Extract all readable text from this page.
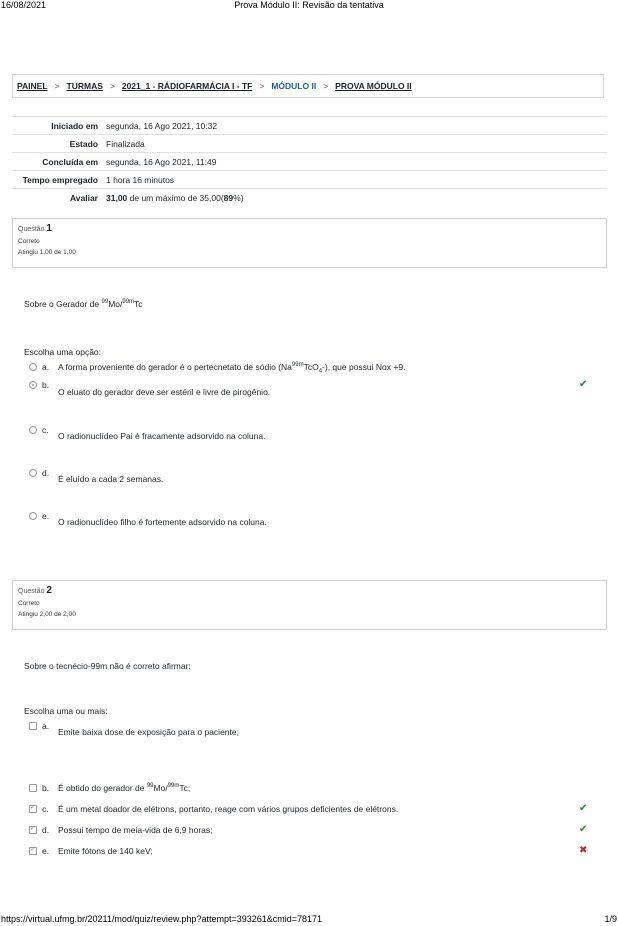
16/08/2021	Prova Módulo II: Revisão da tentativa
PAINEL > TURMAS > 2021_1 - RÁDIOFARMÁCIA I - TF > MÓDULO II > PROVA MÓDULO II
Iniciado em	segunda, 16 Ago 2021, 10:32
Estado	Finalizada
Concluída em	segunda, 16 Ago 2021, 11:49
Tempo empregado	1 hora 16 minutos
Avaliar	31,00 de um máximo de 35,00(89%)
Questão 1
Correto
Atingiu 1,00 de 1,00
Sobre o Gerador de $^{99}$Mo/$^{99m}$Tc
Escolha uma opção:
a. A forma proveniente do gerador é o pertecnetato de sódio $(Na^{99m}TcO_4-)$, que possui Nox +9.
b.
O eluato do gerador deve ser estéril e livre de pirogênio.
✔
c.
O radionuclídeo Pai é fracamente adsorvido na coluna.
d.
É eluído a cada 2 semanas.
e.
O radionuclídeo filho é fortemente adsorvido na coluna.
Questão 2
Correto
Atingiu 2,00 de 2,00
Sobre o tecnécio-99m não é correto afirmar:
Escolha uma ou mais:
a.
Emite baixa dose de exposição para o paciente;
b. É obtido do gerador de $^{99}$Mo/$^{99m}$Tc;
✓
c. É um metal doador de elétrons, portanto, reage com vários grupos deficientes de elétrons.	✔
✓
d. Possui tempo de meia-vida de 6,9 horas;	✔
✓
e. Emite fótons de 140 keV;	✖
https://virtual.ufmg.br/20211/mod/quiz/review.php?attempt=393261&cmid=78171	1/9
